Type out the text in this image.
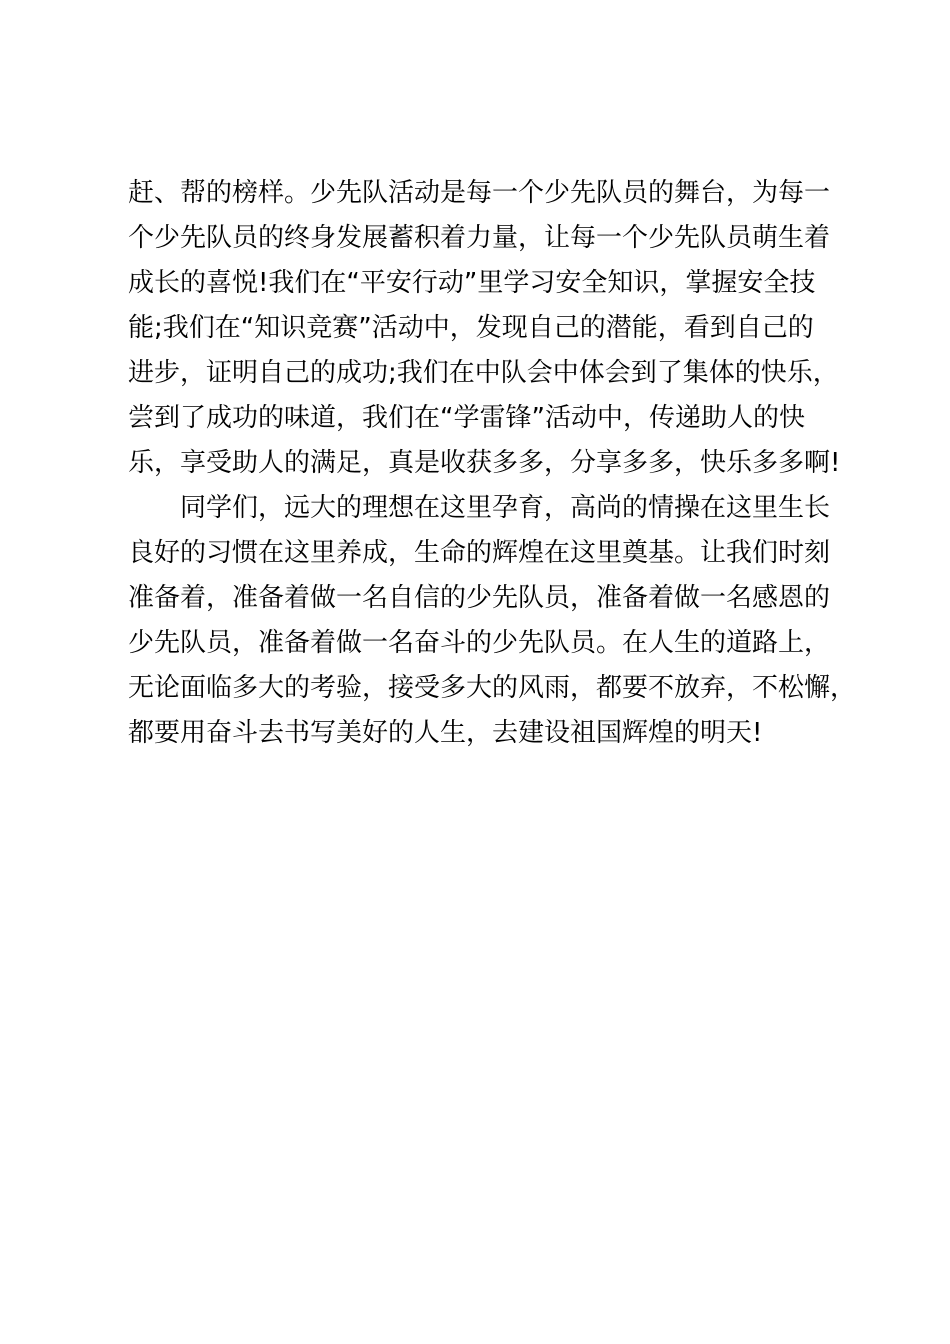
赶、帮的榜样。少先队活动是每一个少先队员的舞台，为每一
个少先队员的终身发展蓄积着力量，让每一个少先队员萌生着
成长的喜悦!我们在“平安行动”里学习安全知识，掌握安全技
能;我们在“知识竞赛”活动中，发现自己的潜能，看到自己的
进步，证明自己的成功;我们在中队会中体会到了集体的快乐，
尝到了成功的味道，我们在“学雷锋”活动中，传递助人的快
乐，享受助人的满足，真是收获多多，分享多多，快乐多多啊!
同学们，远大的理想在这里孕育，高尚的情操在这里生长
良好的习惯在这里养成，生命的辉煌在这里奠基。让我们时刻
准备着，准备着做一名自信的少先队员，准备着做一名感恩的
少先队员，准备着做一名奋斗的少先队员。在人生的道路上，
无论面临多大的考验，接受多大的风雨，都要不放弃，不松懈，
都要用奋斗去书写美好的人生，去建设祖国辉煌的明天!
